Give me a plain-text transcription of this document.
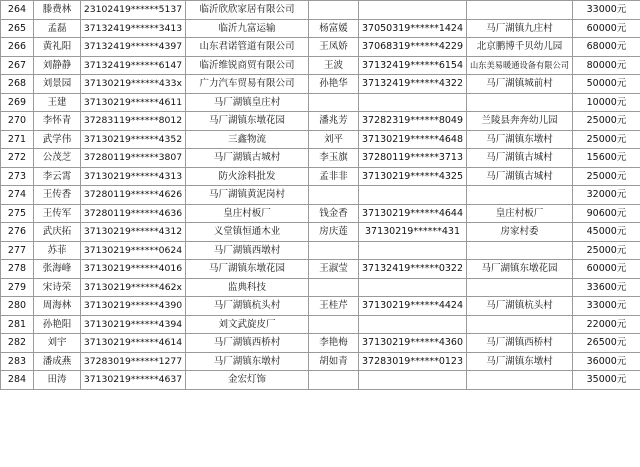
264	滕费林	23102419******5137	临沂欣欣家居有限公司				33000元
265	孟磊	37132419******3413	临沂九富运输	杨富媛	37050319******1424	马厂湖镇九庄村	60000元
266	黄礼阳	37132419******4397	山东君诺管道有限公司	王凤娇	37068319******4229	北京鹏博千贝幼儿园	68000元
267	刘静静	37132419******6147	临沂维锐商贸有限公司	王波	37132419******6154	山东美易暖通设备有限公司	80000元
268	刘景园	37130219******433x	广力汽车贸易有限公司	孙艳华	37132419******4322	马厂湖镇城前村	50000元
269	王建	37130219******4611	马厂湖镇皇庄村				10000元
270	李怀青	37283119******8012	马厂湖镇东墩花园	潘兆芳	37282319******8049	兰陵县奔奔幼儿园	25000元
271	武学伟	37130219******4352	三鑫物流	刘平	37130219******4648	马厂湖镇东墩村	25000元
272	公茂芝	37280119******3807	马厂湖镇古城村	李玉旗	37280119******3713	马厂湖镇古城村	15600元
273	李云霄	37130219******4313	防火涂料批发	孟非非	37130219******4325	马厂湖镇古城村	25000元
274	王传香	37280119******4626	马厂湖镇黄泥岗村				32000元
275	王传军	37280119******4636	皇庄村板厂	钱金香	37130219******4644	皇庄村板厂	90600元
276	武庆拓	37130219******4312	义堂镇恒通木业	房庆莲	37130219******431	房家村委	45000元
277	苏菲	37130219******0624	马厂湖镇西墩村				25000元
278	张海峰	37130219******4016	马厂湖镇东墩花园	王淑莹	37132419******0322	马厂湖镇东墩花园	60000元
279	宋诗荣	37130219******462x	监典科技				33600元
280	周海林	37130219******4390	马厂湖镇杭头村	王桂芹	37130219******4424	马厂湖镇杭头村	33000元
281	孙艳阳	37130219******4394	刘文武旋皮厂				22000元
282	刘宇	37130219******4614	马厂湖镇西桥村	李艳梅	37130219******4360	马厂湖镇西桥村	26500元
283	潘成燕	37283019******1277	马厂湖镇东墩村	胡如青	37283019******0123	马厂湖镇东墩村	36000元
284	田涛	37130219******4637	金宏灯饰				35000元
